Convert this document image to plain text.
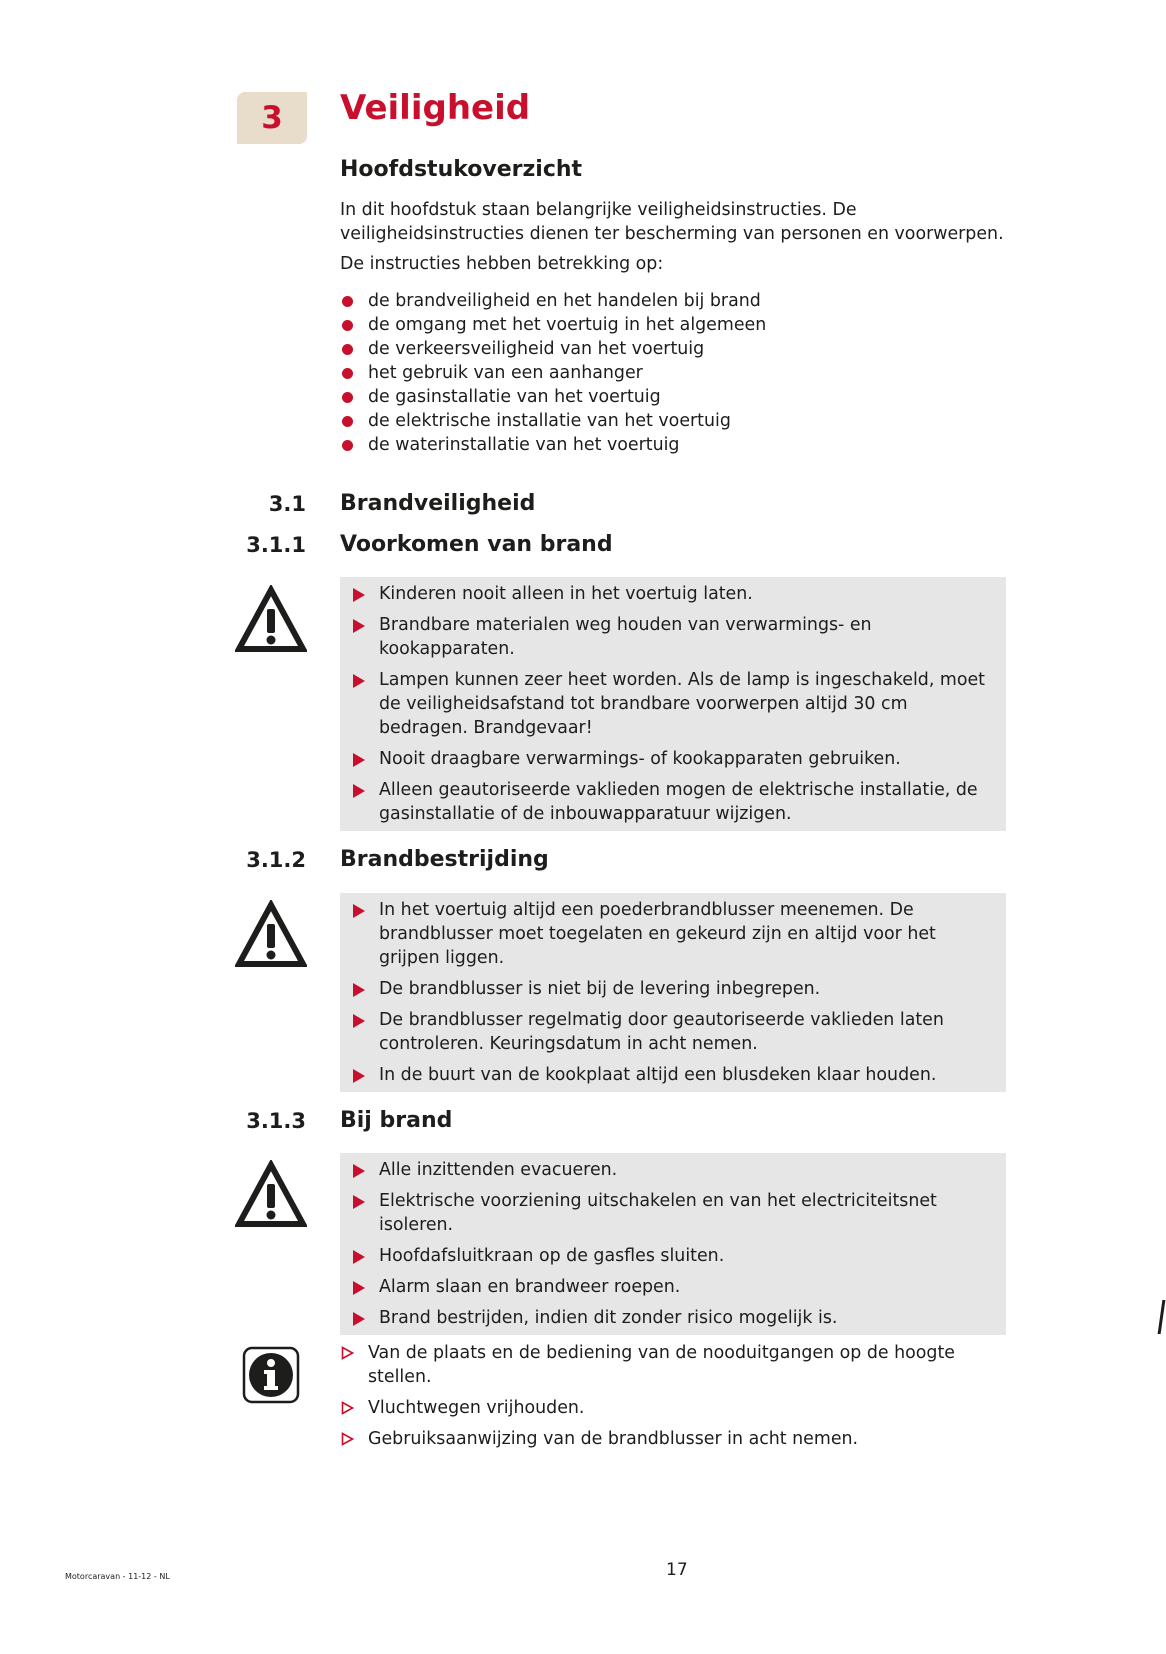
3 Veiligheid
Hoofdstukoverzicht
In dit hoofdstuk staan belangrijke veiligheidsinstructies. De veiligheidsinstructies dienen ter bescherming van personen en voorwerpen.
De instructies hebben betrekking op:
de brandveiligheid en het handelen bij brand
de omgang met het voertuig in het algemeen
de verkeersveiligheid van het voertuig
het gebruik van een aanhanger
de gasinstallatie van het voertuig
de elektrische installatie van het voertuig
de waterinstallatie van het voertuig
3.1 Brandveiligheid
3.1.1 Voorkomen van brand
Kinderen nooit alleen in het voertuig laten.
Brandbare materialen weg houden van verwarmings- en kookapparaten.
Lampen kunnen zeer heet worden. Als de lamp is ingeschakeld, moet de veiligheidsafstand tot brandbare voorwerpen altijd 30 cm bedragen. Brandgevaar!
Nooit draagbare verwarmings- of kookapparaten gebruiken.
Alleen geautoriseerde vaklieden mogen de elektrische installatie, de gasinstallatie of de inbouwapparatuur wijzigen.
3.1.2 Brandbestrijding
In het voertuig altijd een poederbrandblusser meenemen. De brandblusser moet toegelaten en gekeurd zijn en altijd voor het grijpen liggen.
De brandblusser is niet bij de levering inbegrepen.
De brandblusser regelmatig door geautoriseerde vaklieden laten controleren. Keuringsdatum in acht nemen.
In de buurt van de kookplaat altijd een blusdeken klaar houden.
3.1.3 Bij brand
Alle inzittenden evacueren.
Elektrische voorziening uitschakelen en van het electriciteitsnet isoleren.
Hoofdafsluitkraan op de gasfles sluiten.
Alarm slaan en brandweer roepen.
Brand bestrijden, indien dit zonder risico mogelijk is.
Van de plaats en de bediening van de nooduitgangen op de hoogte stellen.
Vluchtwegen vrijhouden.
Gebruiksaanwijzing van de brandblusser in acht nemen.
Motorcaravan - 11-12 - NL	17
